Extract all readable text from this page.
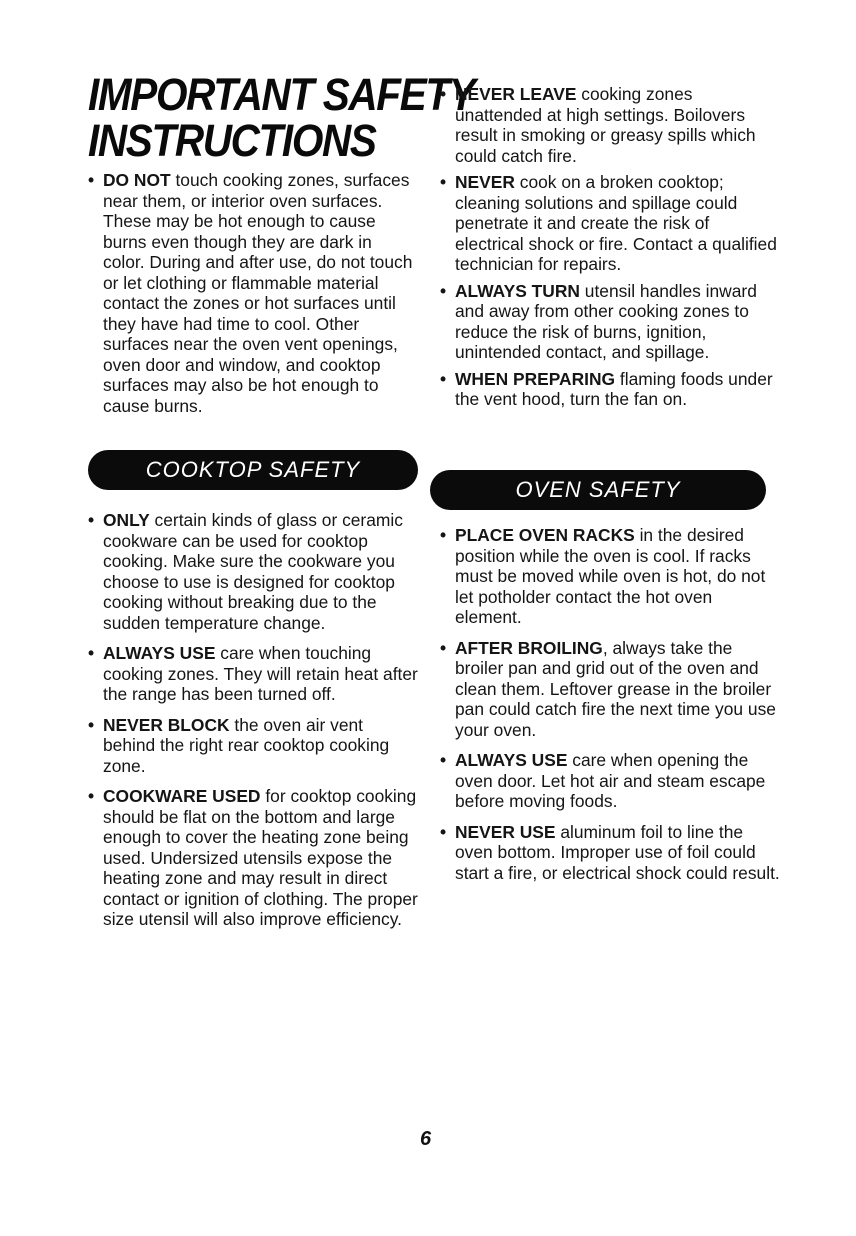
IMPORTANT SAFETY
INSTRUCTIONS

• DO NOT touch cooking zones, surfaces near them, or interior oven surfaces. These may be hot enough to cause burns even though they are dark in color. During and after use, do not touch or let clothing or flammable material contact the zones or hot surfaces until they have had time to cool. Other surfaces near the oven vent openings, oven door and window, and cooktop surfaces may also be hot enough to cause burns.

COOKTOP SAFETY

• ONLY certain kinds of glass or ceramic cookware can be used for cooktop cooking. Make sure the cookware you choose to use is designed for cooktop cooking without breaking due to the sudden temperature change.

• ALWAYS USE care when touching cooking zones. They will retain heat after the range has been turned off.

• NEVER BLOCK the oven air vent behind the right rear cooktop cooking zone.

• COOKWARE USED for cooktop cooking should be flat on the bottom and large enough to cover the heating zone being used. Undersized utensils expose the heating zone and may result in direct contact or ignition of clothing. The proper size utensil will also improve efficiency.

• NEVER LEAVE cooking zones unattended at high settings. Boilovers result in smoking or greasy spills which could catch fire.

• NEVER cook on a broken cooktop; cleaning solutions and spillage could penetrate it and create the risk of electrical shock or fire. Contact a qualified technician for repairs.

• ALWAYS TURN utensil handles inward and away from other cooking zones to reduce the risk of burns, ignition, unintended contact, and spillage.

• WHEN PREPARING flaming foods under the vent hood, turn the fan on.

OVEN SAFETY

• PLACE OVEN RACKS in the desired position while the oven is cool. If racks must be moved while oven is hot, do not let potholder contact the hot oven element.

• AFTER BROILING, always take the broiler pan and grid out of the oven and clean them. Leftover grease in the broiler pan could catch fire the next time you use your oven.

• ALWAYS USE care when opening the oven door. Let hot air and steam escape before moving foods.

• NEVER USE aluminum foil to line the oven bottom. Improper use of foil could start a fire, or electrical shock could result.

6
